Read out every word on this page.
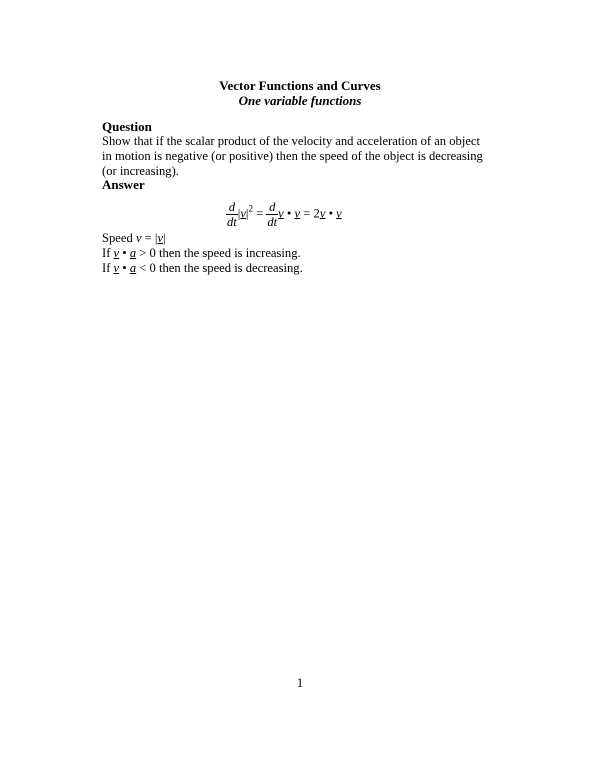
Vector Functions and Curves
One variable functions
Question
Show that if the scalar product of the velocity and acceleration of an object
in motion is negative (or positive) then the speed of the object is decreasing
(or increasing).
Answer
$\frac{d}{dt} |v|^2 = \frac{d}{dt}$ v • v = 2v • v
Speed v = |v|
If v • a > 0 then the speed is increasing.
If v • a < 0 then the speed is decreasing.
1
